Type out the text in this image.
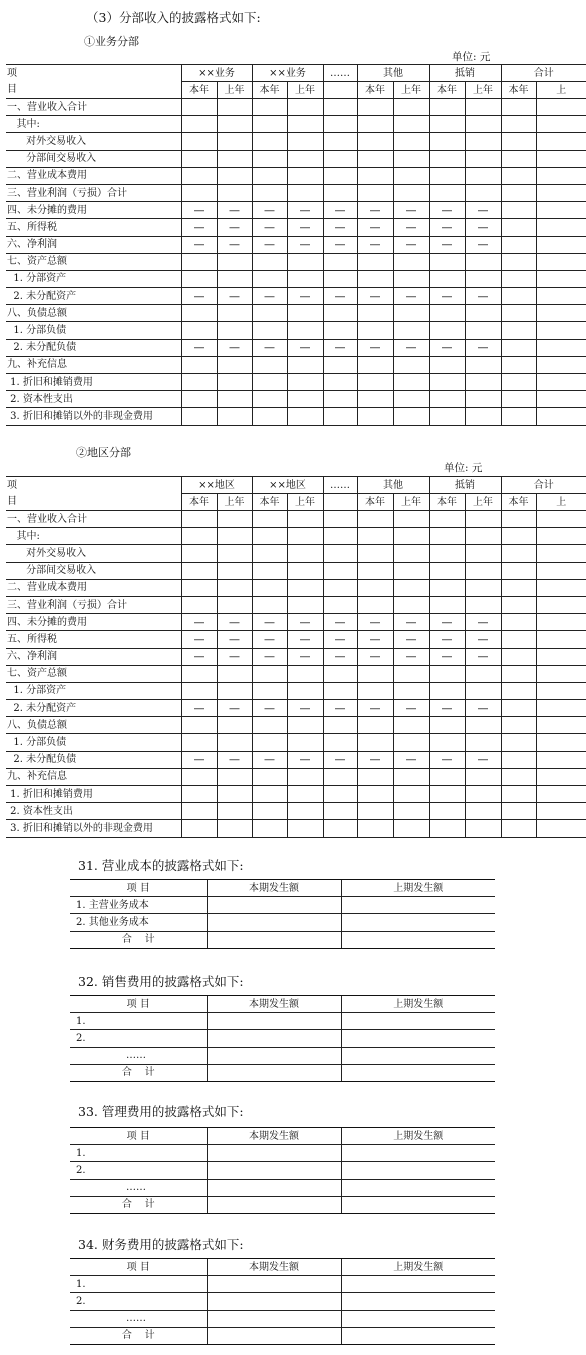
（3）分部收入的披露格式如下:
①业务分部
单位: 元
项	××业务		××业务		……	其他		抵销		合计	
目	本年	上年	本年	上年		本年	上年	本年	上年	本年	上
一、营业收入合计											
其中:											
对外交易收入											
分部间交易收入											
二、营业成本费用											
三、营业利润（亏损）合计											
四、未分摊的费用	—	—	—	—	—	—	—	—	—		
五、所得税	—	—	—	—	—	—	—	—	—		
六、净利润	—	—	—	—	—	—	—	—	—		
七、资产总额											
1. 分部资产											
2. 未分配资产	—	—	—	—	—	—	—	—	—		
八、负债总额											
1. 分部负债											
2. 未分配负债	—	—	—	—	—	—	—	—	—		
九、补充信息											
1. 折旧和摊销费用											
2. 资本性支出											
3. 折旧和摊销以外的非现金费用											
②地区分部
单位: 元
项	××地区		××地区		……	其他		抵销		合计	
目	本年	上年	本年	上年		本年	上年	本年	上年	本年	上
一、营业收入合计											
其中:											
对外交易收入											
分部间交易收入											
二、营业成本费用											
三、营业利润（亏损）合计											
四、未分摊的费用	—	—	—	—	—	—	—	—	—		
五、所得税	—	—	—	—	—	—	—	—	—		
六、净利润	—	—	—	—	—	—	—	—	—		
七、资产总额											
1. 分部资产											
2. 未分配资产	—	—	—	—	—	—	—	—	—		
八、负债总额											
1. 分部负债											
2. 未分配负债	—	—	—	—	—	—	—	—	—		
九、补充信息											
1. 折旧和摊销费用											
2. 资本性支出											
3. 折旧和摊销以外的非现金费用											
31. 营业成本的披露格式如下:
项 目	本期发生额	上期发生额
1. 主营业务成本		
2. 其他业务成本		
合    计		
32. 销售费用的披露格式如下:
项 目	本期发生额	上期发生额
1.		
2.		
……		
合    计		
33. 管理费用的披露格式如下:
项 目	本期发生额	上期发生额
1.		
2.		
……		
合    计		
34. 财务费用的披露格式如下:
项 目	本期发生额	上期发生额
1.		
2.		
……		
合    计		
